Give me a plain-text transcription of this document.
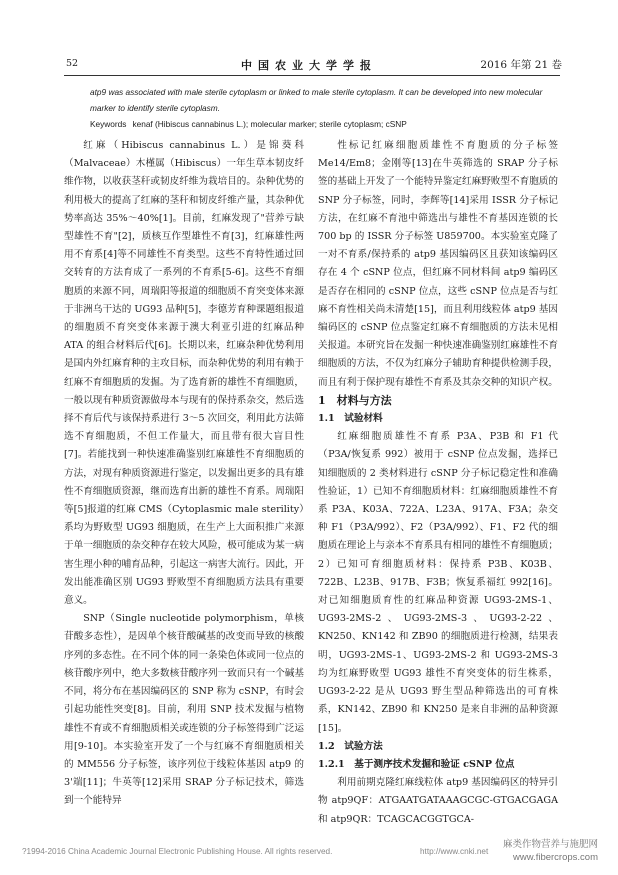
52	中国农业大学学报	2016 年第 21 卷
atp9 was associated with male sterile cytoplasm or linked to male sterile cytoplasm. It can be developed into new molecular marker to identify sterile cytoplasm.
Keywords kenaf (Hibiscus cannabinus L.); molecular marker; sterile cytoplasm; cSNP

红麻（Hibiscus cannabinus L.）是锦葵科（Malvaceae）木槿属（Hibiscus）一年生草本韧皮纤维作物，以收获茎秆或韧皮纤维为栽培目的。杂种优势的利用极大的提高了红麻的茎秆和韧皮纤维产量，其杂种优势率高达 35%～40%[1]。目前，红麻发现了"营养亏缺型雄性不育"[2]，质核互作型雄性不育[3]，红麻雄性两用不育系[4]等不同雄性不育类型。这些不育特性通过回交转育的方法育成了一系列的不育系[5-6]。这些不育细胞质的来源不同，周瑞阳等报道的细胞质不育突变体来源于非洲乌干达的 UG93 品种[5]，李德芳育种课题组报道的细胞质不育突变体来源于澳大利亚引进的红麻品种 ATA 的组合材料后代[6]。长期以来，红麻杂种优势利用是国内外红麻育种的主攻目标，而杂种优势的利用有赖于红麻不育细胞质的发掘。为了选育新的雄性不育细胞质，一般以现有种质资源做母本与现有的保持系杂交，然后选择不育后代与该保持系进行 3～5 次回交，利用此方法筛选不育细胞质，不但工作量大，而且带有很大盲目性[7]。若能找到一种快速准确鉴别红麻雄性不育细胞质的方法，对现有种质资源进行鉴定，以发掘出更多的具有雄性不育细胞质资源，继而选育出新的雄性不育系。周瑞阳等[5]报道的红麻 CMS（Cytoplasmic male sterility）系均为野败型 UG93 细胞质，在生产上大面积推广来源于单一细胞质的杂交种存在较大风险，极可能成为某一病害生理小种的哺育品种，引起这一病害大流行。因此，开发出能准确区别 UG93 野败型不育细胞质方法具有重要意义。

SNP（Single nucleotide polymorphism，单核苷酸多态性），是因单个核苷酸碱基的改变而导致的核酸序列的多态性。在不同个体的同一条染色体或同一位点的核苷酸序列中，绝大多数核苷酸序列一致而只有一个碱基不同，将分布在基因编码区的 SNP 称为 cSNP，有时会引起功能性突变[8]。目前，利用 SNP 技术发掘与植物雄性不育或不育细胞质相关或连锁的分子标签得到广泛运用[9-10]。本实验室开发了一个与红麻不育细胞质相关的 MM556 分子标签，该序列位于线粒体基因 atp9 的 3'端[11]；牛英等[12]采用 SRAP 分子标记技术，筛选到一个能特异

性标记红麻细胞质雄性不育胞质的分子标签 Me14/Em8；金刚等[13]在牛英筛选的 SRAP 分子标签的基础上开发了一个能特异鉴定红麻野败型不育胞质的 SNP 分子标签，同时，李辉等[14]采用 ISSR 分子标记方法，在红麻不育池中筛选出与雄性不育基因连锁的长 700 bp 的 ISSR 分子标签 U859700。本实验室克隆了一对不育系/保持系的 atp9 基因编码区且获知该编码区存在 4 个 cSNP 位点，但红麻不同材料间 atp9 编码区是否存在相同的 cSNP 位点，这些 cSNP 位点是否与红麻不育性相关尚未清楚[15]，而且利用线粒体 atp9 基因编码区的 cSNP 位点鉴定红麻不育细胞质的方法未见相关报道。本研究旨在发掘一种快速准确鉴别红麻雄性不育细胞质的方法，不仅为红麻分子辅助育种提供检测手段，而且有利于保护现有雄性不育系及其杂交种的知识产权。

1　材料与方法

1.1　试验材料

红麻细胞质雄性不育系 P3A、P3B 和 F1 代（P3A/恢复系 992）被用于 cSNP 位点发掘，选择已知细胞质的 2 类材料进行 cSNP 分子标记稳定性和准确性验证，1）已知不育细胞质材料：红麻细胞质雄性不育系 P3A、K03A、722A、L23A、917A、F3A；杂交种 F1（P3A/992）、F2（P3A/992）、F1、F2 代的细胞质在理论上与亲本不育系具有相同的雄性不育细胞质；2）已知可育细胞质材料：保持系 P3B、K03B、722B、L23B、917B、F3B；恢复系福红 992[16]。对已知细胞质育性的红麻品种资源 UG93-2MS-1、UG93-2MS-2、UG93-2MS-3、UG93-2-22、KN250、KN142 和 ZB90 的细胞质进行检测，结果表明，UG93-2MS-1、UG93-2MS-2 和 UG93-2MS-3 均为红麻野败型 UG93 雄性不育突变体的衍生株系，UG93-2-22 是从 UG93 野生型品种筛选出的可育株系，KN142、ZB90 和 KN250 是来自非洲的品种资源[15]。

1.2　试验方法

1.2.1　基于测序技术发掘和验证 cSNP 位点

利用前期克隆红麻线粒体 atp9 基因编码区的特异引物 atp9QF：ATGAATGATAAAGCGC-GTGACGAGA 和 atp9QR：TCAGCACGGTGCA-

?1994-2016 China Academic Journal Electronic Publishing House. All rights reserved.	http://www.cnki.net
麻类作物营养与施肥网
www.fibercrops.com
